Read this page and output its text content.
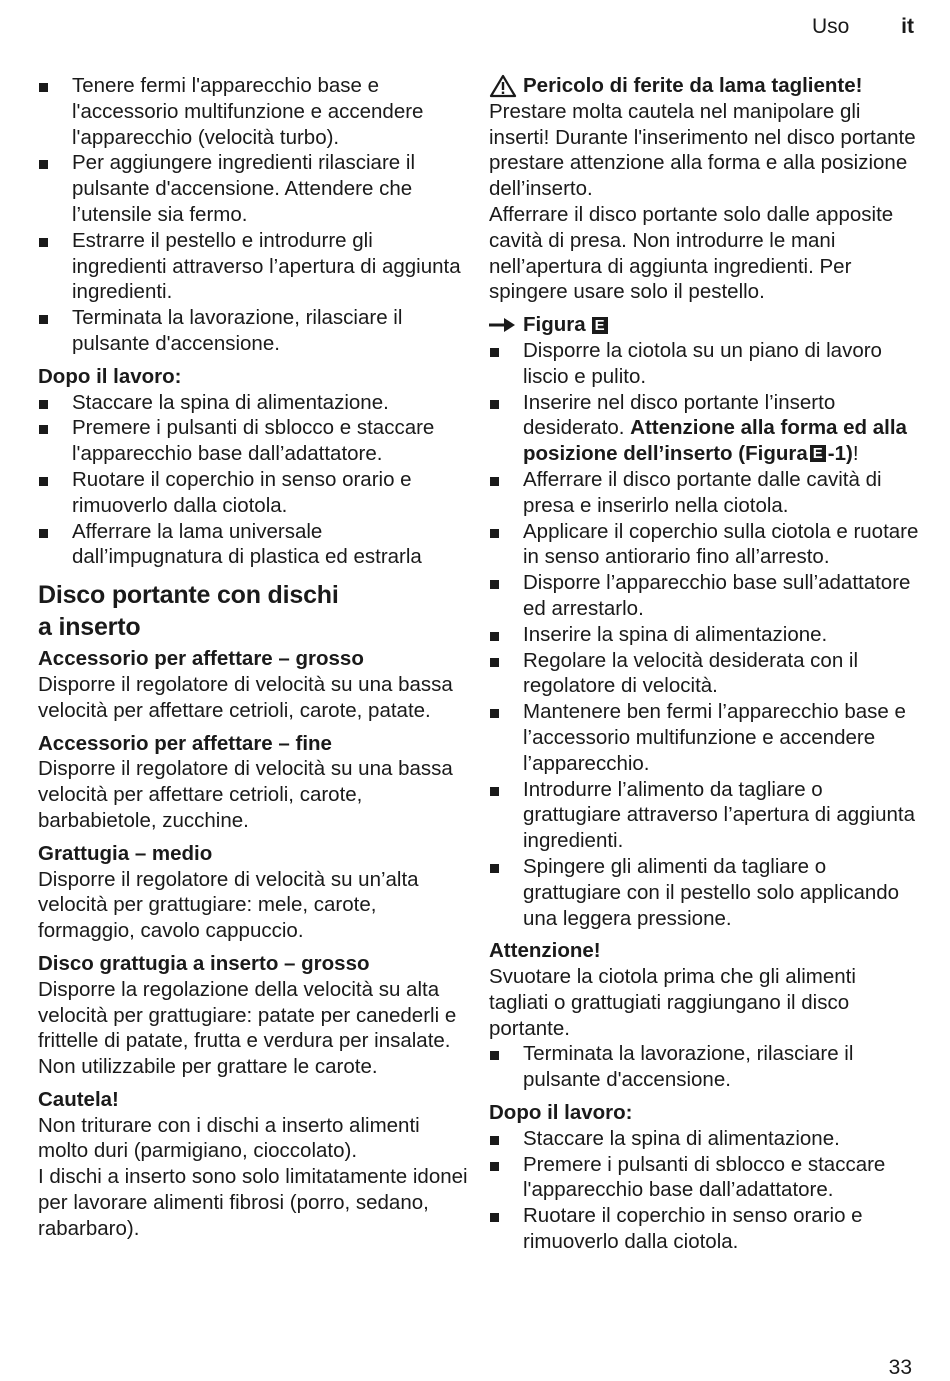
Uso it
Tenere fermi l'apparecchio base e l'accessorio multifunzione e accendere l'apparecchio (velocità turbo).
Per aggiungere ingredienti rilasciare il pulsante d'accensione. Attendere che l’utensile sia fermo.
Estrarre il pestello e introdurre gli ingredienti attraverso l’apertura di aggiunta ingredienti.
Terminata la lavorazione, rilasciare il pulsante d'accensione.
Dopo il lavoro:
Staccare la spina di alimentazione.
Premere i pulsanti di sblocco e staccare l'apparecchio base dall’adattatore.
Ruotare il coperchio in senso orario e rimuoverlo dalla ciotola.
Afferrare la lama universale dall’impugnatura di plastica ed estrarla
Disco portante con dischi
a inserto
Accessorio per affettare – grosso

Disporre il regolatore di velocità su una bassa velocità per affettare cetrioli, carote, patate.

Accessorio per affettare – fine

Disporre il regolatore di velocità su una bassa velocità per affettare cetrioli, carote, barbabietole, zucchine.

Grattugia – medio

Disporre il regolatore di velocità su un’alta velocità per grattugiare: mele, carote, formaggio, cavolo cappuccio.

Disco grattugia a inserto – grosso

Disporre la regolazione della velocità su alta velocità per grattugiare: patate per canederli e frittelle di patate, frutta e verdura per insalate. Non utilizzabile per grattare le carote.

Cautela!

Non triturare con i dischi a inserto alimenti molto duri (parmigiano, cioccolato).

I dischi a inserto sono solo limitatamente idonei per lavorare alimenti fibrosi (porro, sedano, rabarbaro).

Pericolo di ferite da lama tagliente!

Prestare molta cautela nel manipolare gli inserti! Durante l'inserimento nel disco portante prestare attenzione alla forma e alla posizione dell’inserto.

Afferrare il disco portante solo dalle apposite cavità di presa. Non introdurre le mani nell’apertura di aggiunta ingredienti. Per spingere usare solo il pestello.

Figura E
Disporre la ciotola su un piano di lavoro liscio e pulito.
Inserire nel disco portante l’inserto desiderato. Attenzione alla forma ed alla posizione dell’inserto (Figura E -1)!
Afferrare il disco portante dalle cavità di presa e inserirlo nella ciotola.
Applicare il coperchio sulla ciotola e ruotare in senso antiorario fino all’arresto.
Disporre l’apparecchio base sull’adattatore ed arrestarlo.
Inserire la spina di alimentazione.
Regolare la velocità desiderata con il regolatore di velocità.
Mantenere ben fermi l’apparecchio base e l’accessorio multifunzione e accendere l’apparecchio.
Introdurre l’alimento da tagliare o grattugiare attraverso l’apertura di aggiunta ingredienti.
Spingere gli alimenti da tagliare o grattugiare con il pestello solo applicando una leggera pressione.
Attenzione!

Svuotare la ciotola prima che gli alimenti tagliati o grattugiati raggiungano il disco portante.

Terminata la lavorazione, rilasciare il pulsante d'accensione.
Dopo il lavoro:
Staccare la spina di alimentazione.
Premere i pulsanti di sblocco e staccare l'apparecchio base dall’adattatore.
Ruotare il coperchio in senso orario e rimuoverlo dalla ciotola.
33
